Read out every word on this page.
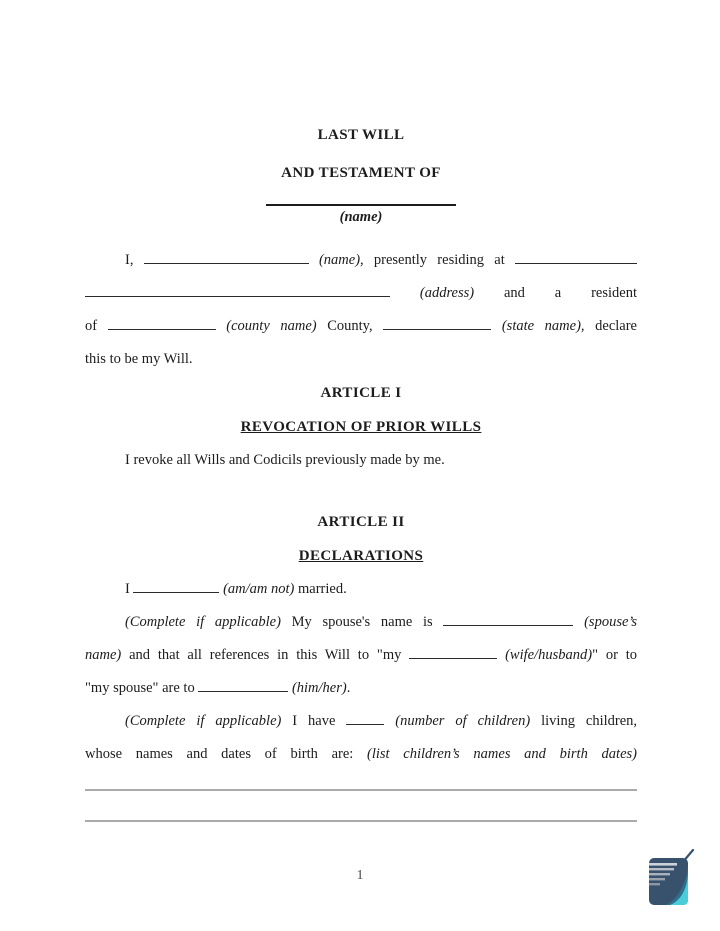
LAST WILL
AND TESTAMENT OF
(name)
I,	(name), presently residing at
(address) and a resident
of	(county name) County,	(state name), declare
this to be my Will.
ARTICLE I
REVOCATION OF PRIOR WILLS
I revoke all Wills and Codicils previously made by me.
ARTICLE II
DECLARATIONS
I	(am/am not) married.
(Complete if applicable) My spouse's name is	(spouse’s
name) and that all references in this Will to "my	(wife/husband)" or to
"my spouse" are to	(him/her).
(Complete if applicable) I have	(number of children) living children,
whose names and dates of birth are: (list children’s names and birth dates)
1
